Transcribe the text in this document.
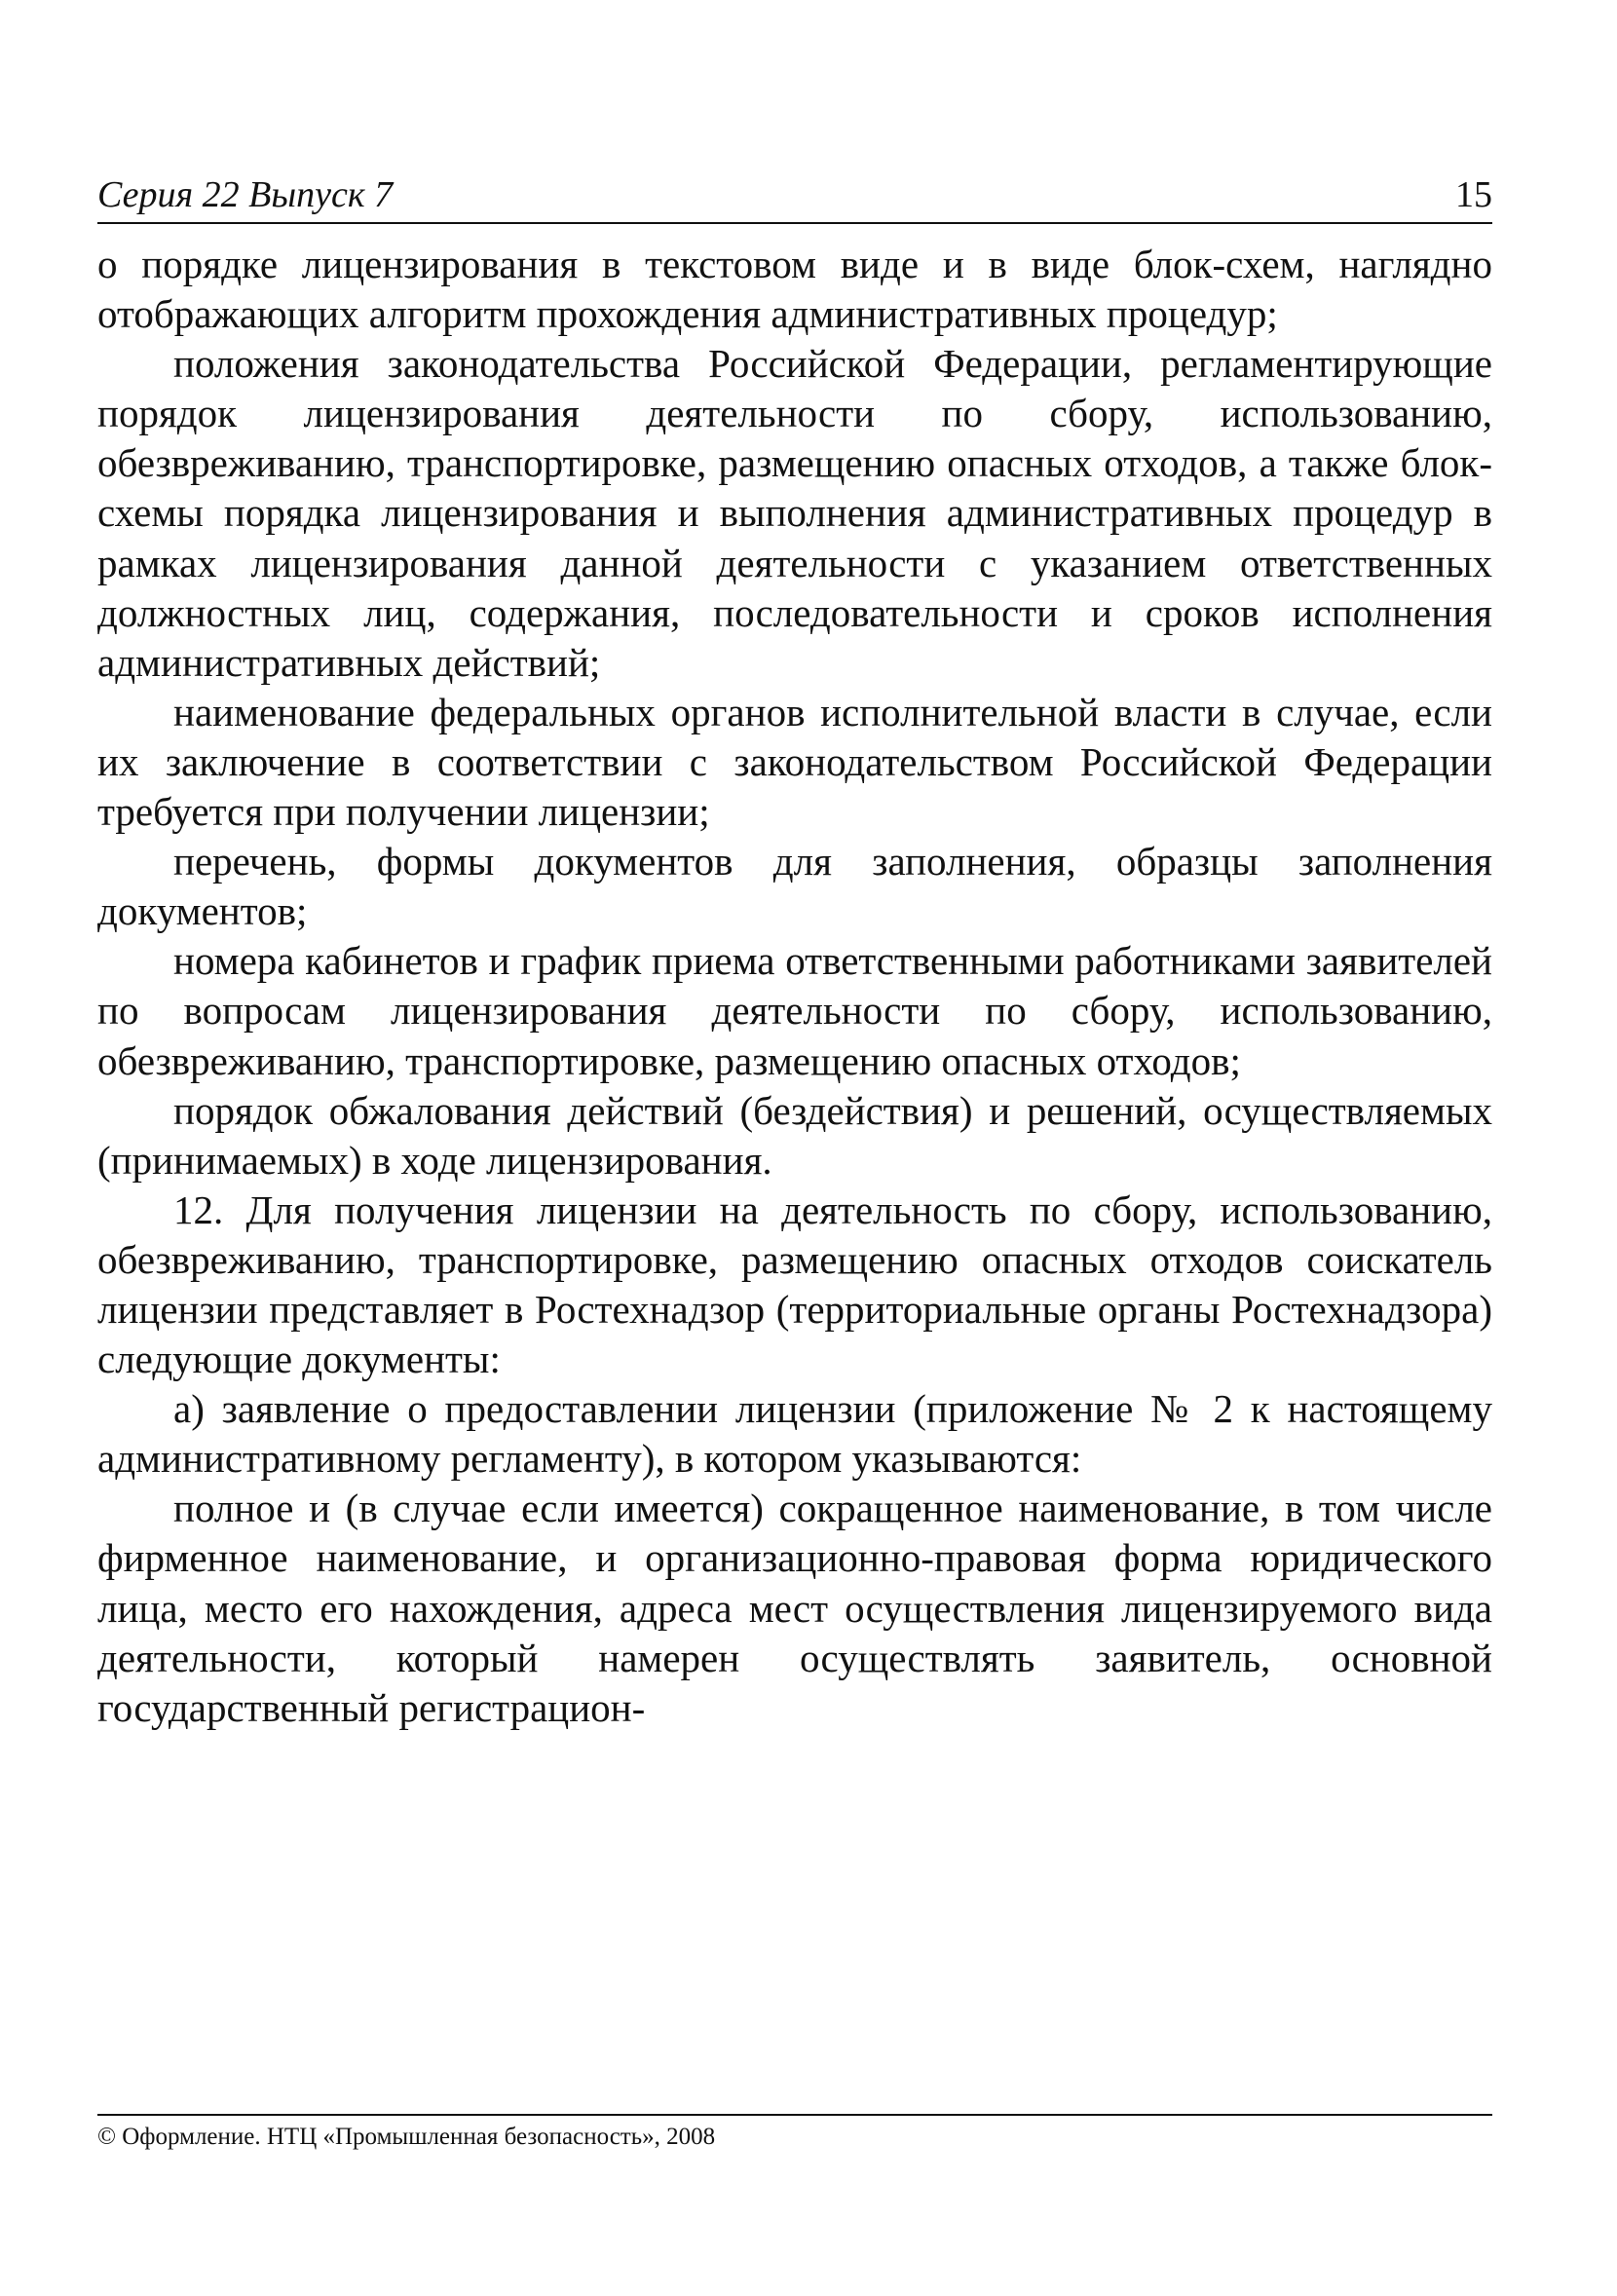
Серия 22 Выпуск 7	15

о порядке лицензирования в текстовом виде и в виде блок-схем, наглядно отображающих алгоритм прохождения административных процедур;

положения законодательства Российской Федерации, регламентирующие порядок лицензирования деятельности по сбору, использованию, обезвреживанию, транспортировке, размещению опасных отходов, а также блок-схемы порядка лицензирования и выполнения административных процедур в рамках лицензирования данной деятельности с указанием ответственных должностных лиц, содержания, последовательности и сроков исполнения административных действий;

наименование федеральных органов исполнительной власти в случае, если их заключение в соответствии с законодательством Российской Федерации требуется при получении лицензии;

перечень, формы документов для заполнения, образцы заполнения документов;

номера кабинетов и график приема ответственными работниками заявителей по вопросам лицензирования деятельности по сбору, использованию, обезвреживанию, транспортировке, размещению опасных отходов;

порядок обжалования действий (бездействия) и решений, осуществляемых (принимаемых) в ходе лицензирования.

12. Для получения лицензии на деятельность по сбору, использованию, обезвреживанию, транспортировке, размещению опасных отходов соискатель лицензии представляет в Ростехнадзор (территориальные органы Ростехнадзора) следующие документы:

а) заявление о предоставлении лицензии (приложение № 2 к настоящему административному регламенту), в котором указываются:

полное и (в случае если имеется) сокращенное наименование, в том числе фирменное наименование, и организационно-правовая форма юридического лица, место его нахождения, адреса мест осуществления лицензируемого вида деятельности, который намерен осуществлять заявитель, основной государственный регистрацион-

© Оформление. НТЦ «Промышленная безопасность», 2008
